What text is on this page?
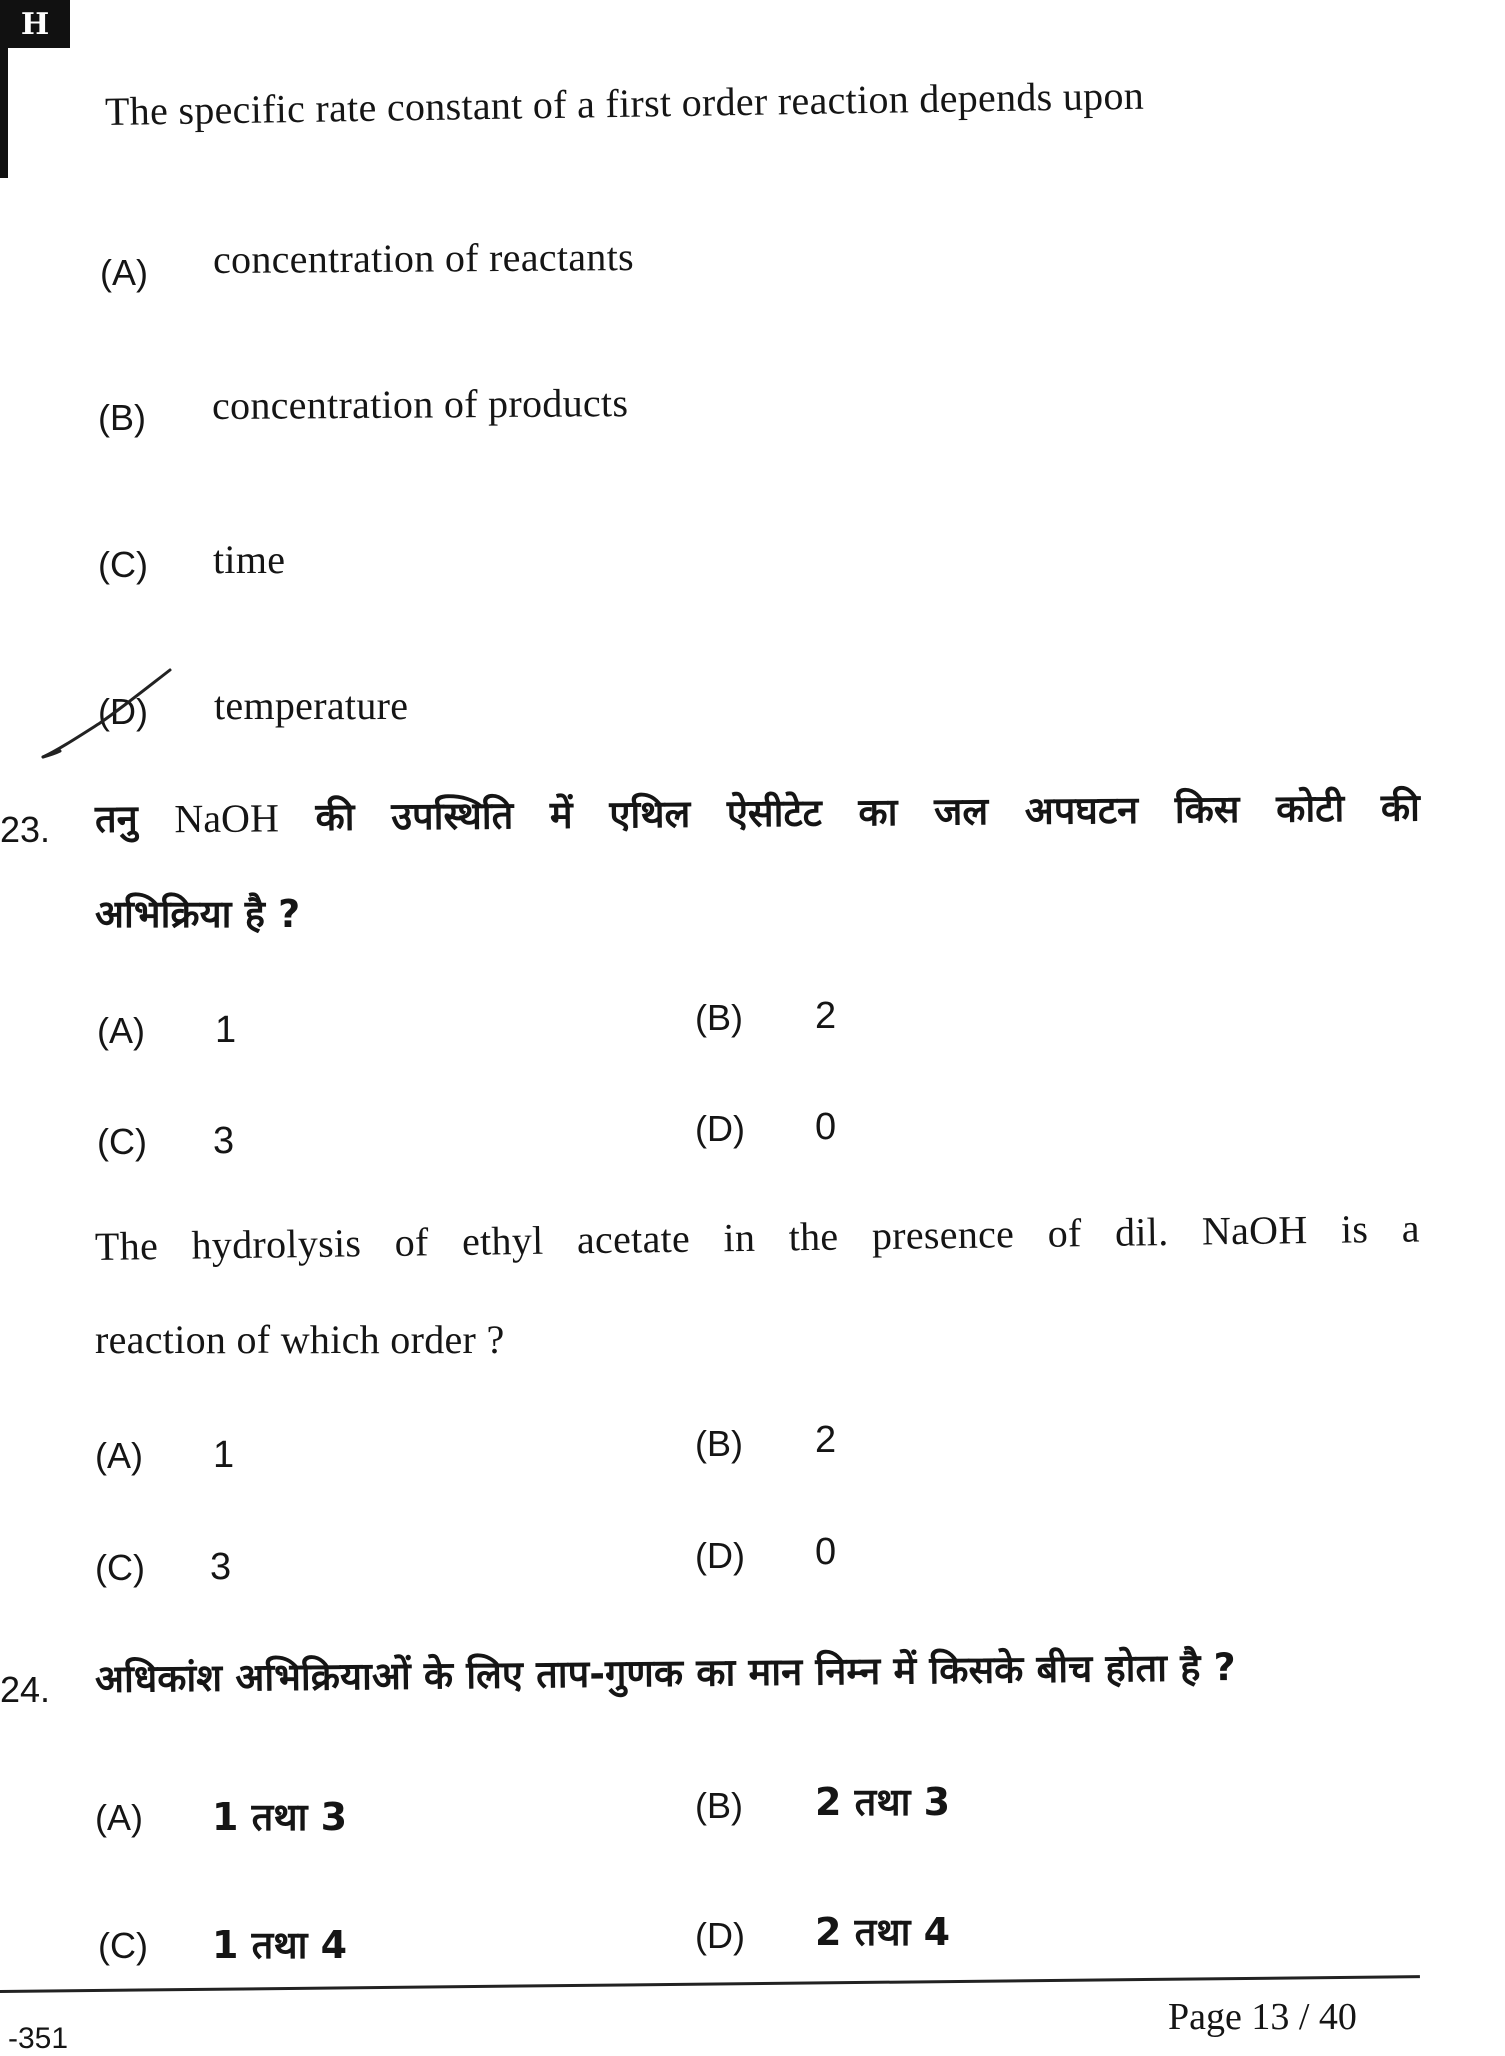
H
The specific rate constant of a first order reaction depends upon
(A) concentration of reactants
(B) concentration of products
(C) time
(D) temperature
23. तनु NaOH की उपस्थिति में एथिल ऐसीटेट का जल अपघटन किस कोटी की
अभिक्रिया है ?
(A) 1	(B) 2
(C) 3	(D) 0
The hydrolysis of ethyl acetate in the presence of dil. NaOH is a
reaction of which order ?
(A) 1	(B) 2
(C) 3	(D) 0
24. अधिकांश अभिक्रियाओं के लिए ताप-गुणक का मान निम्न में किसके बीच होता है ?
(A) 1 तथा 3	(B) 2 तथा 3
(C) 1 तथा 4	(D) 2 तथा 4
Page 13 / 40
-351
